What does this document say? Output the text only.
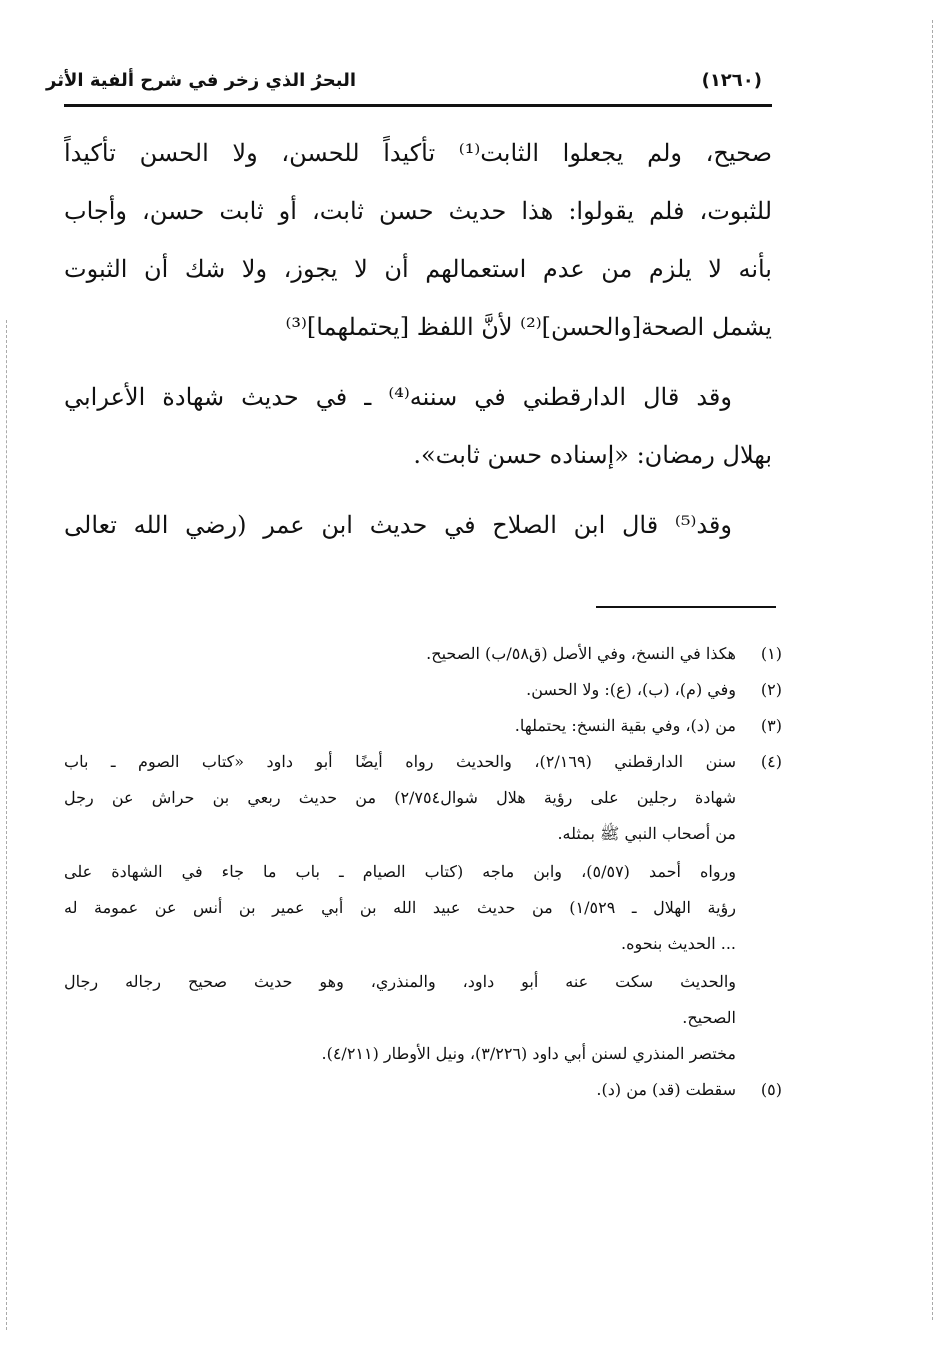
(١٢٦٠)
البحرُ الذي زخر في شرح ألفية الأثر
صحيح، ولم يجعلوا الثابت⁽¹⁾ تأكيداً للحسن، ولا الحسن تأكيداً
للثبوت، فلم يقولوا: هذا حديث حسن ثابت، أو ثابت حسن، وأجاب
بأنه لا يلزم من عدم استعمالهم أن لا يجوز، ولا شك أن الثبوت
يشمل الصحة[والحسن]⁽²⁾ لأنَّ اللفظ [يحتملهما]⁽³⁾
وقد قال الدارقطني في سننه⁽⁴⁾ ـ في حديث شهادة الأعرابي
بهلال رمضان: «إسناده حسن ثابت».
وقد⁽⁵⁾ قال ابن الصلاح في حديث ابن عمر (رضي الله تعالى
(١)
هكذا في النسخ، وفي الأصل (ق٥٨/ب) الصحيح.
(٢)
وفي (م)، (ب)، (ع): ولا الحسن.
(٣)
من (د)، وفي بقية النسخ: يحتملها.
(٤)
سنن الدارقطني (٢/١٦٩)، والحديث رواه أيضًا أبو داود «كتاب الصوم ـ باب
شهادة رجلين على رؤية هلال شوال٢/٧٥٤) من حديث ربعي بن حراش عن رجل
من أصحاب النبي ﷺ بمثله.
ورواه أحمد (٥/٥٧)، وابن ماجه (كتاب الصيام ـ باب ما جاء في الشهادة على
رؤية الهلال ـ ١/٥٢٩) من حديث عبيد الله بن أبي عمير بن أنس عن عمومة له
... الحديث بنحوه.
والحديث سكت عنه أبو داود، والمنذري، وهو حديث صحيح رجاله رجال
الصحيح.
مختصر المنذري لسنن أبي داود (٣/٢٢٦)، ونيل الأوطار (٤/٢١١).
(٥)
سقطت (قد) من (د).
